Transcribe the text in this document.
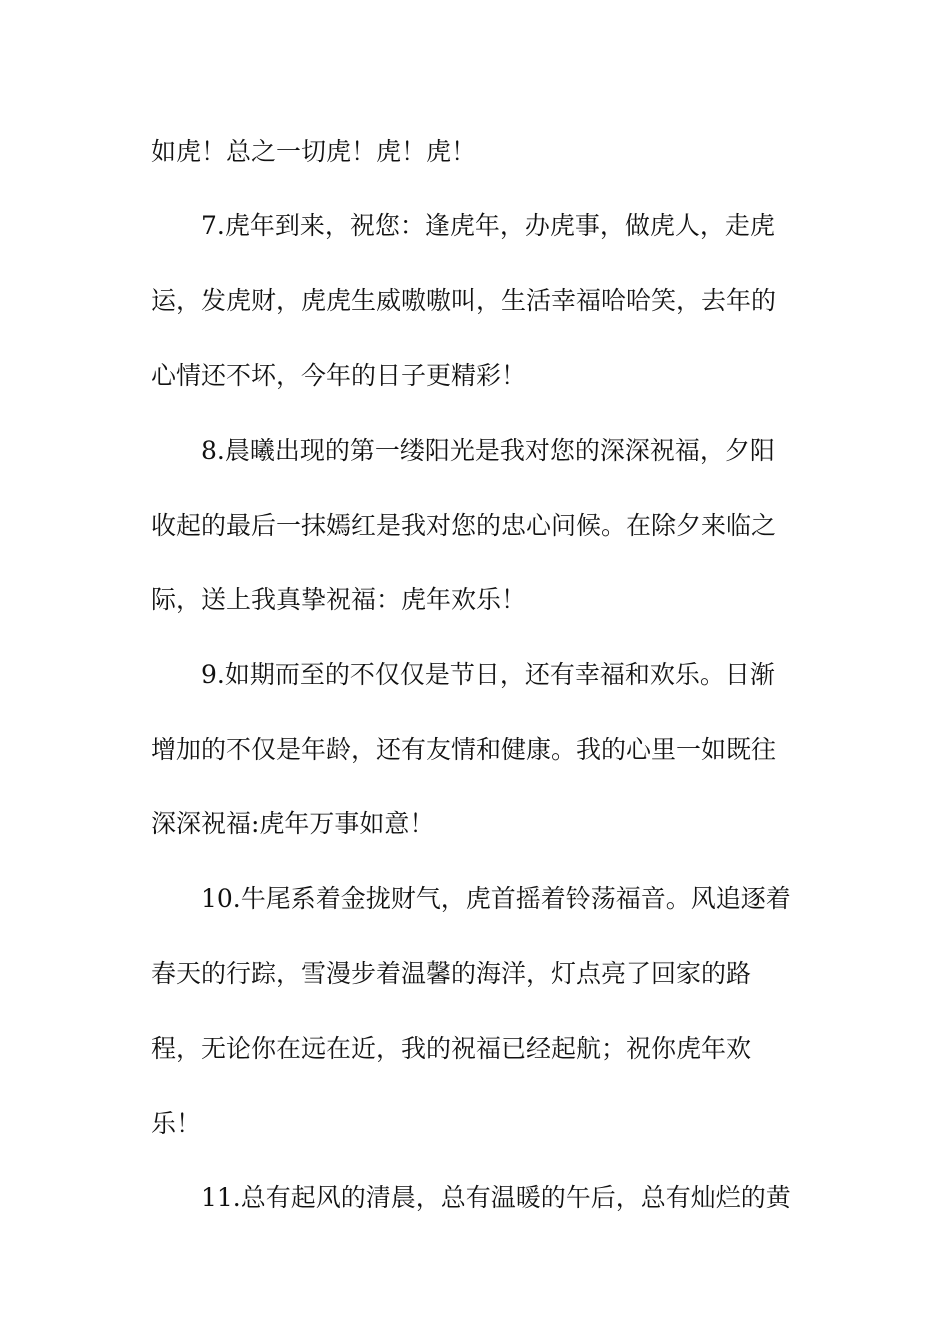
如虎！总之一切虎！虎！虎！
7.虎年到来，祝您：逢虎年，办虎事，做虎人，走虎
运，发虎财，虎虎生威嗷嗷叫，生活幸福哈哈笑，去年的
心情还不坏，今年的日子更精彩！
8.晨曦出现的第一缕阳光是我对您的深深祝福，夕阳
收起的最后一抹嫣红是我对您的忠心问候。在除夕来临之
际，送上我真挚祝福：虎年欢乐！
9.如期而至的不仅仅是节日，还有幸福和欢乐。日渐
增加的不仅是年龄，还有友情和健康。我的心里一如既往
深深祝福:虎年万事如意！
10.牛尾系着金拢财气，虎首摇着铃荡福音。风追逐着
春天的行踪，雪漫步着温馨的海洋，灯点亮了回家的路
程，无论你在远在近，我的祝福已经起航；祝你虎年欢
乐！
11.总有起风的清晨，总有温暖的午后，总有灿烂的黄
